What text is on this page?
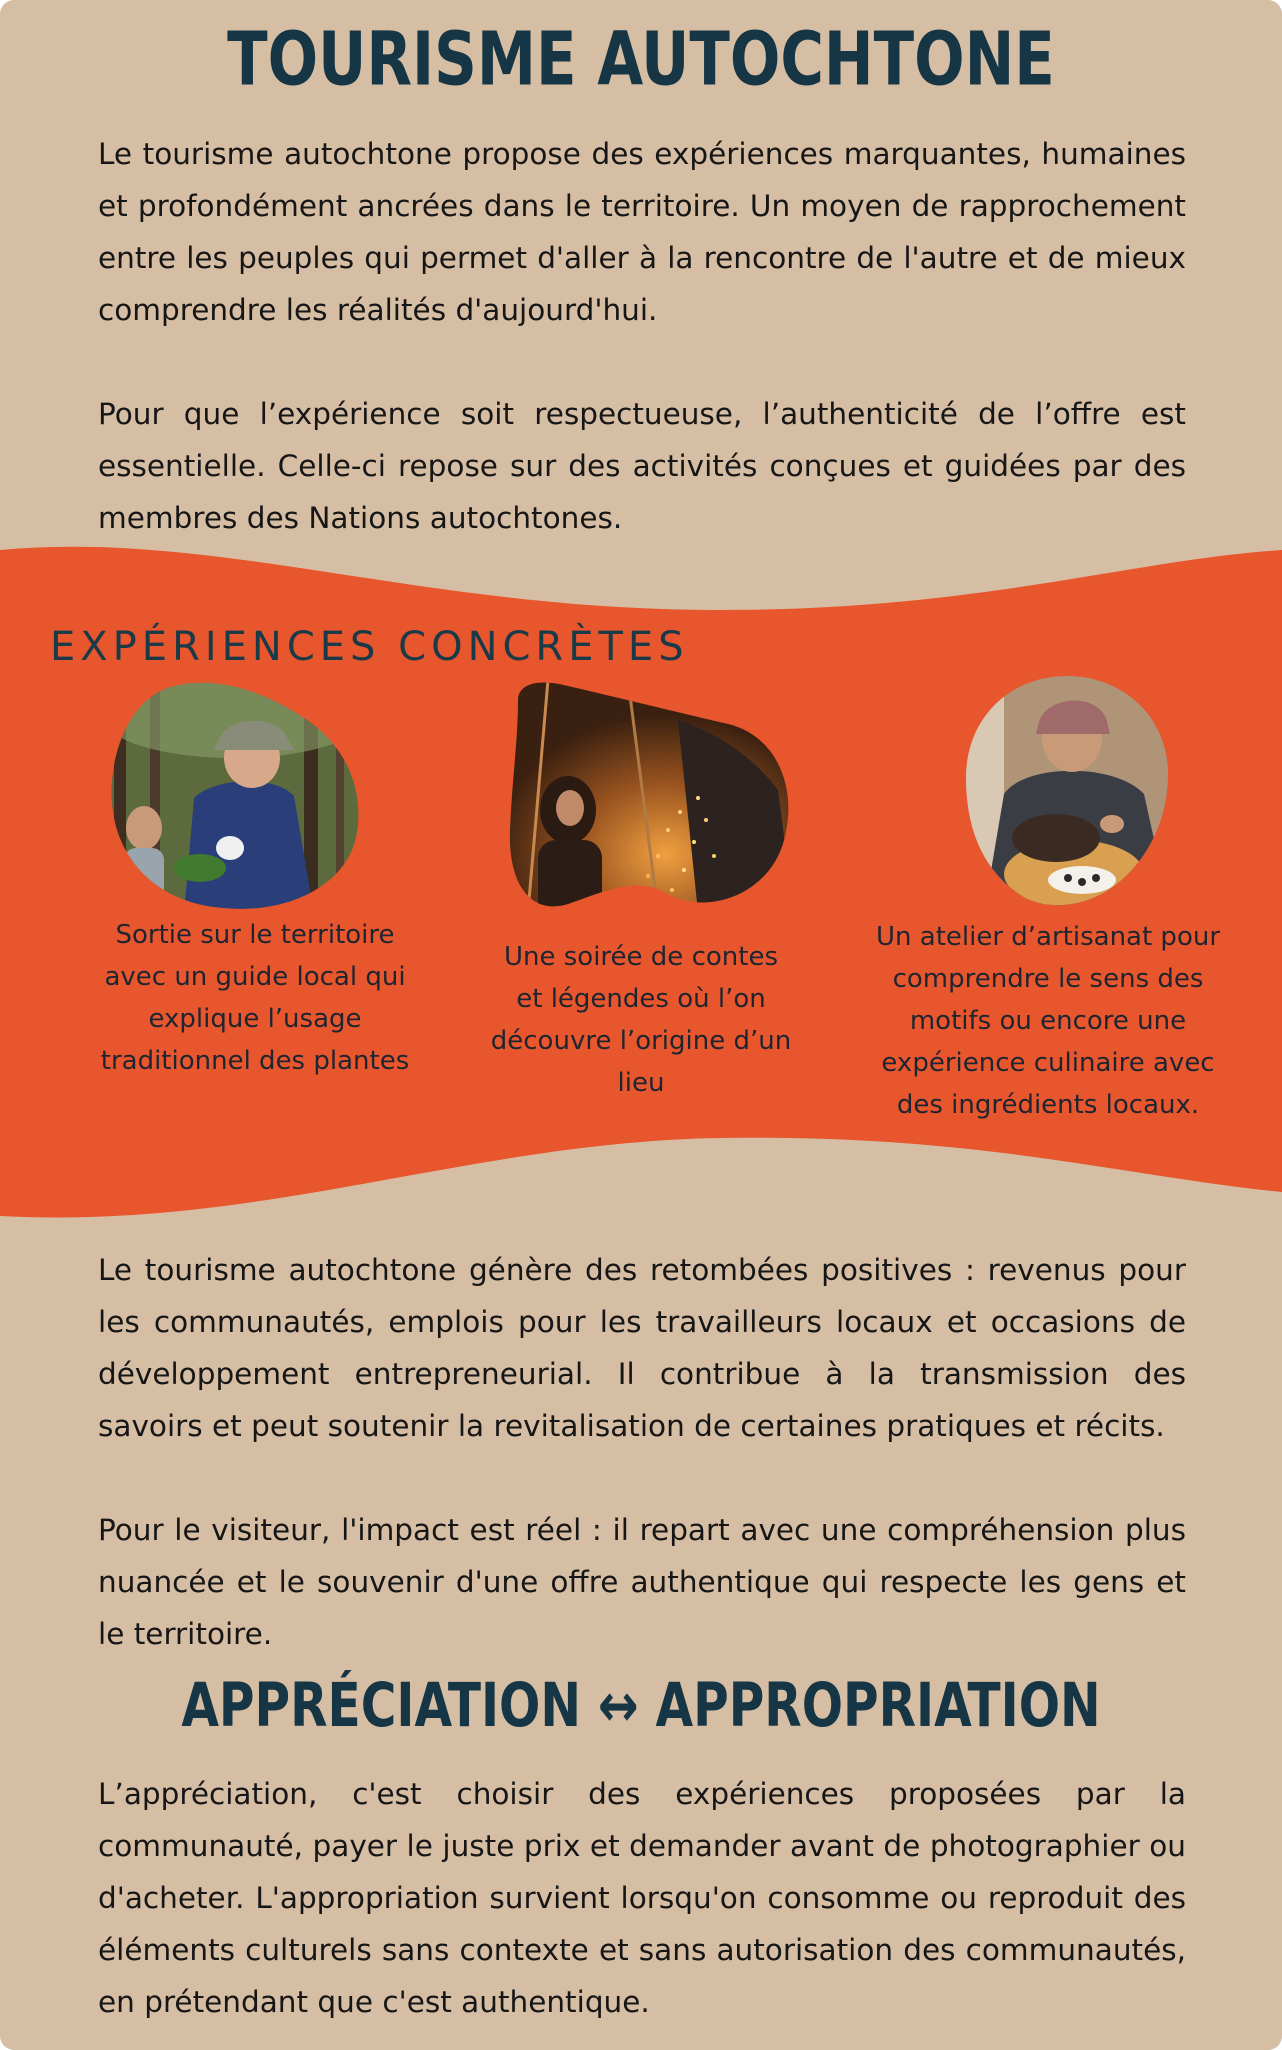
TOURISME AUTOCHTONE

Le tourisme autochtone propose des expériences marquantes, humaines et profondément ancrées dans le territoire. Un moyen de rapprochement entre les peuples qui permet d'aller à la rencontre de l'autre et de mieux comprendre les réalités d'aujourd'hui.

Pour que l’expérience soit respectueuse, l’authenticité de l’offre est essentielle. Celle-ci repose sur des activités conçues et guidées par des membres des Nations autochtones.

EXPÉRIENCES CONCRÈTES

Sortie sur le territoire avec un guide local qui explique l’usage traditionnel des plantes

Une soirée de contes et légendes où l’on découvre l’origine d’un lieu

Un atelier d’artisanat pour comprendre le sens des motifs ou encore une expérience culinaire avec des ingrédients locaux.

Le tourisme autochtone génère des retombées positives : revenus pour les communautés, emplois pour les travailleurs locaux et occasions de développement entrepreneurial. Il contribue à la transmission des savoirs et peut soutenir la revitalisation de certaines pratiques et récits.

Pour le visiteur, l'impact est réel : il repart avec une compréhension plus nuancée et le souvenir d'une offre authentique qui respecte les gens et le territoire.

APPRÉCIATION ↔ APPROPRIATION

L’appréciation, c'est choisir des expériences proposées par la communauté, payer le juste prix et demander avant de photographier ou d'acheter. L'appropriation survient lorsqu'on consomme ou reproduit des éléments culturels sans contexte et sans autorisation des communautés, en prétendant que c'est authentique.
